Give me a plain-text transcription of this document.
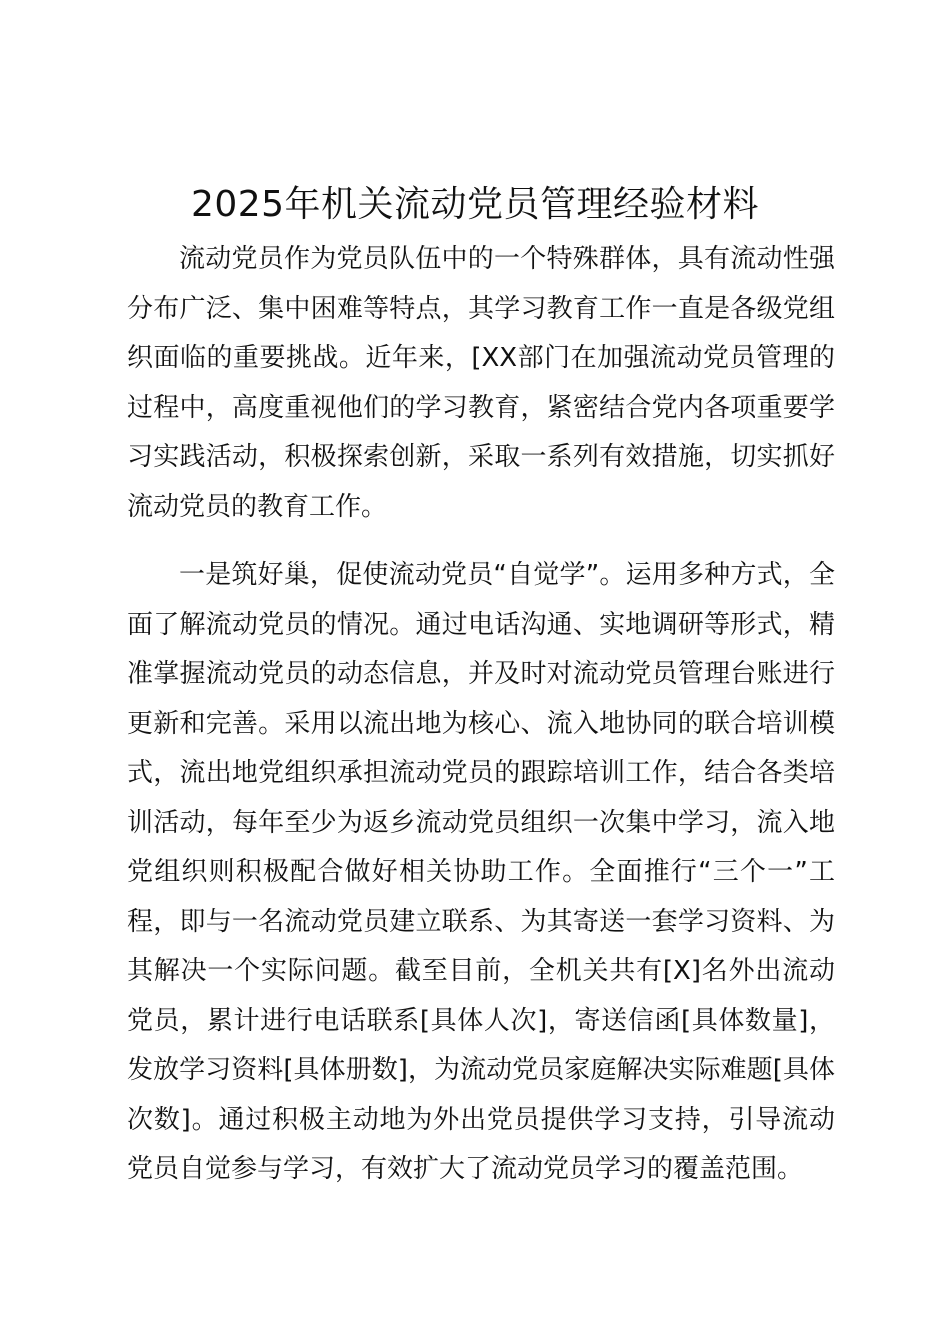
2025年机关流动党员管理经验材料

流动党员作为党员队伍中的一个特殊群体，具有流动性强分布广泛、集中困难等特点，其学习教育工作一直是各级党组织面临的重要挑战。近年来，[XX部门在加强流动党员管理的过程中，高度重视他们的学习教育，紧密结合党内各项重要学习实践活动，积极探索创新，采取一系列有效措施，切实抓好流动党员的教育工作。

一是筑好巢，促使流动党员“自觉学”。运用多种方式，全面了解流动党员的情况。通过电话沟通、实地调研等形式，精准掌握流动党员的动态信息，并及时对流动党员管理台账进行更新和完善。采用以流出地为核心、流入地协同的联合培训模式，流出地党组织承担流动党员的跟踪培训工作，结合各类培训活动，每年至少为返乡流动党员组织一次集中学习，流入地党组织则积极配合做好相关协助工作。全面推行“三个一”工程，即与一名流动党员建立联系、为其寄送一套学习资料、为其解决一个实际问题。截至目前，全机关共有[X]名外出流动党员，累计进行电话联系[具体人次]，寄送信函[具体数量]，发放学习资料[具体册数]，为流动党员家庭解决实际难题[具体次数]。通过积极主动地为外出党员提供学习支持，引导流动党员自觉参与学习，有效扩大了流动党员学习的覆盖范围。
